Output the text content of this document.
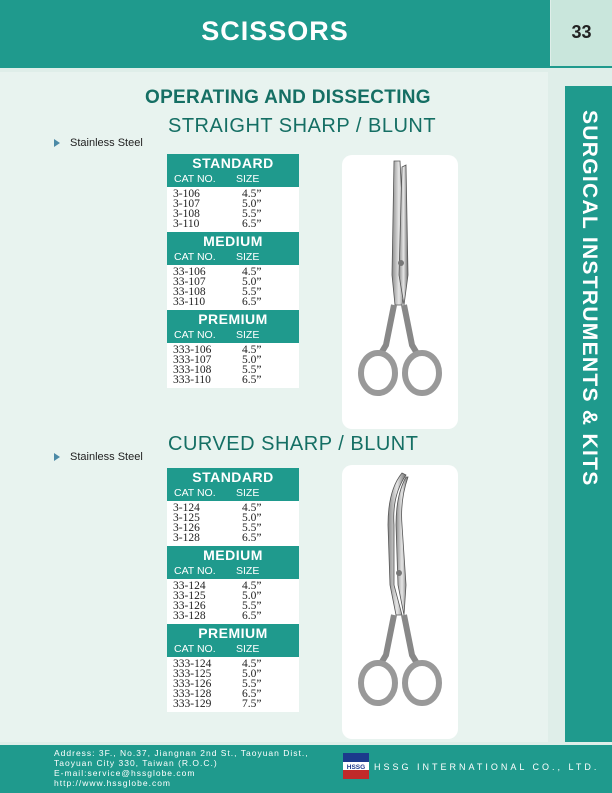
SCISSORS	33
SURGICAL INSTRUMENTS & KITS
OPERATING AND DISSECTING
STRAIGHT SHARP / BLUNT
Stainless Steel
STANDARD
CAT NO. SIZE
3-106	4.5”
3-107	5.0”
3-108	5.5”
3-110	6.5”
MEDIUM
CAT NO. SIZE
33-106	4.5”
33-107	5.0”
33-108	5.5”
33-110	6.5”
PREMIUM
CAT NO. SIZE
333-106	4.5”
333-107	5.0”
333-108	5.5”
333-110	6.5”
CURVED SHARP / BLUNT
Stainless Steel
STANDARD
CAT NO. SIZE
3-124	4.5”
3-125	5.0”
3-126	5.5”
3-128	6.5”
MEDIUM
CAT NO. SIZE
33-124	4.5”
33-125	5.0”
33-126	5.5”
33-128	6.5”
PREMIUM
CAT NO. SIZE
333-124	4.5”
333-125	5.0”
333-126	5.5”
333-128	6.5”
333-129	7.5”
Address: 3F., No.37, Jiangnan 2nd St., Taoyuan Dist.,
Taoyuan City 330, Taiwan (R.O.C.)
E-mail:service@hssglobe.com
http://www.hssglobe.com
HSSG HSSG INTERNATIONAL CO., LTD.
